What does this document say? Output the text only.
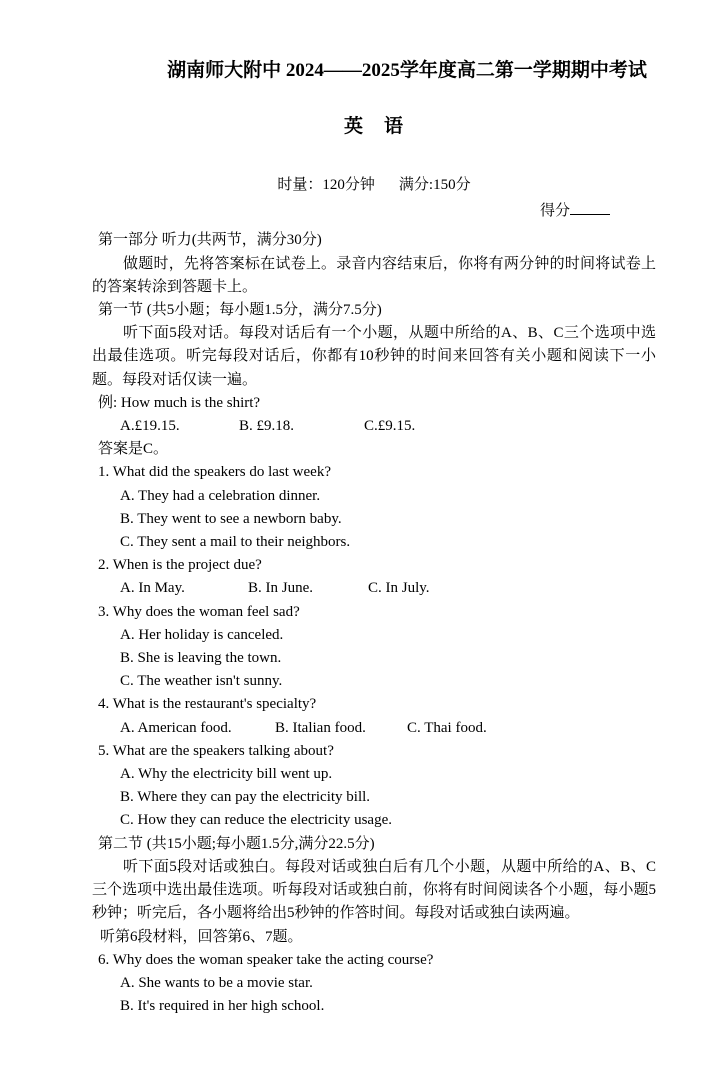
湖南师大附中 2024——2025学年度高二第一学期期中考试
英　语
时量：120分钟 满分:150分
得分
第一部分 听力(共两节，满分30分)

做题时，先将答案标在试卷上。录音内容结束后，你将有两分钟的时间将试卷上的答案转涂到答题卡上。

第一节 (共5小题；每小题1.5分，满分7.5分)

听下面5段对话。每段对话后有一个小题，从题中所给的A、B、C三个选项中选出最佳选项。听完每段对话后，你都有10秒钟的时间来回答有关小题和阅读下一小题。每段对话仅读一遍。

例: How much is the shirt?
A.£19.15.	B. £9.18.	C.£9.15.
答案是C。
1. What did the speakers do last week?
A. They had a celebration dinner.
B. They went to see a newborn baby.
C. They sent a mail to their neighbors.
2. When is the project due?
A. In May.	B. In June.	C. In July.
3. Why does the woman feel sad?
A. Her holiday is canceled.
B. She is leaving the town.
C. The weather isn't sunny.
4. What is the restaurant's specialty?
A. American food.	B. Italian food.	C. Thai food.
5. What are the speakers talking about?
A. Why the electricity bill went up.
B. Where they can pay the electricity bill.
C. How they can reduce the electricity usage.
第二节 (共15小题;每小题1.5分,满分22.5分)

听下面5段对话或独白。每段对话或独白后有几个小题，从题中所给的A、B、C三个选项中选出最佳选项。听每段对话或独白前，你将有时间阅读各个小题，每小题5秒钟；听完后，各小题将给出5秒钟的作答时间。每段对话或独白读两遍。

听第6段材料，回答第6、7题。
6. Why does the woman speaker take the acting course?
A. She wants to be a movie star.
B. It's required in her high school.
